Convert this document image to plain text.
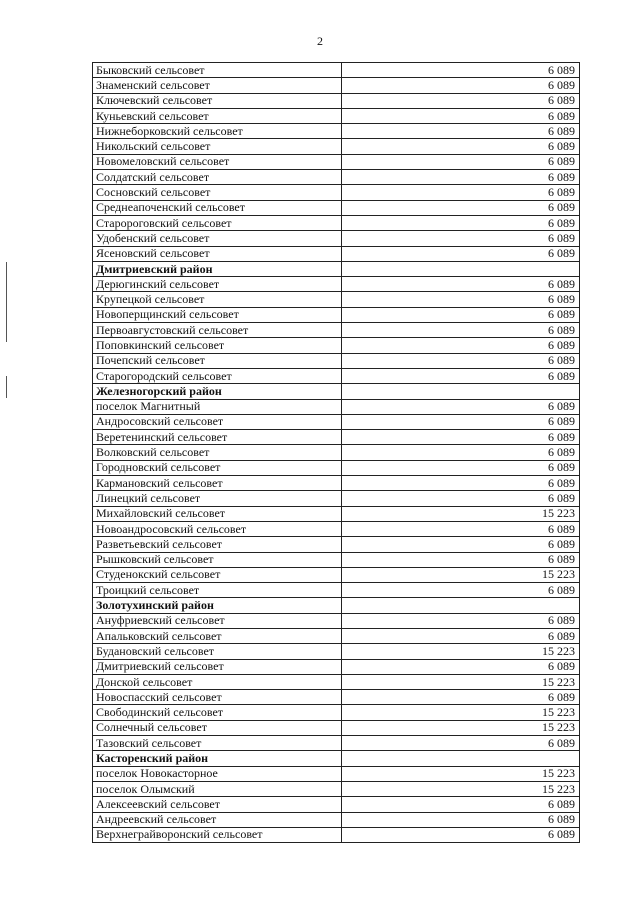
2
Быковский сельсовет	6 089
Знаменский сельсовет	6 089
Ключевский сельсовет	6 089
Куньевский сельсовет	6 089
Нижнеборковский сельсовет	6 089
Никольский сельсовет	6 089
Новомеловский сельсовет	6 089
Солдатский сельсовет	6 089
Сосновский сельсовет	6 089
Среднеапоченский сельсовет	6 089
Старороговский сельсовет	6 089
Удобенский сельсовет	6 089
Ясеновский сельсовет	6 089
Дмитриевский район	
Дерюгинский сельсовет	6 089
Крупецкой сельсовет	6 089
Новоперщинский сельсовет	6 089
Первоавгустовский сельсовет	6 089
Поповкинский сельсовет	6 089
Почепский сельсовет	6 089
Старогородский сельсовет	6 089
Железногорский район	
поселок Магнитный	6 089
Андросовский сельсовет	6 089
Веретенинский сельсовет	6 089
Волковский сельсовет	6 089
Городновский сельсовет	6 089
Кармановский сельсовет	6 089
Линецкий сельсовет	6 089
Михайловский сельсовет	15 223
Новоандросовский сельсовет	6 089
Разветьевский сельсовет	6 089
Рышковский сельсовет	6 089
Студенокский сельсовет	15 223
Троицкий сельсовет	6 089
Золотухинский район	
Ануфриевский сельсовет	6 089
Апальковский сельсовет	6 089
Будановский сельсовет	15 223
Дмитриевский сельсовет	6 089
Донской сельсовет	15 223
Новоспасский сельсовет	6 089
Свободинский сельсовет	15 223
Солнечный сельсовет	15 223
Тазовский сельсовет	6 089
Касторенский район	
поселок Новокасторное	15 223
поселок Олымский	15 223
Алексеевский сельсовет	6 089
Андреевский сельсовет	6 089
Верхнеграйворонский сельсовет	6 089
